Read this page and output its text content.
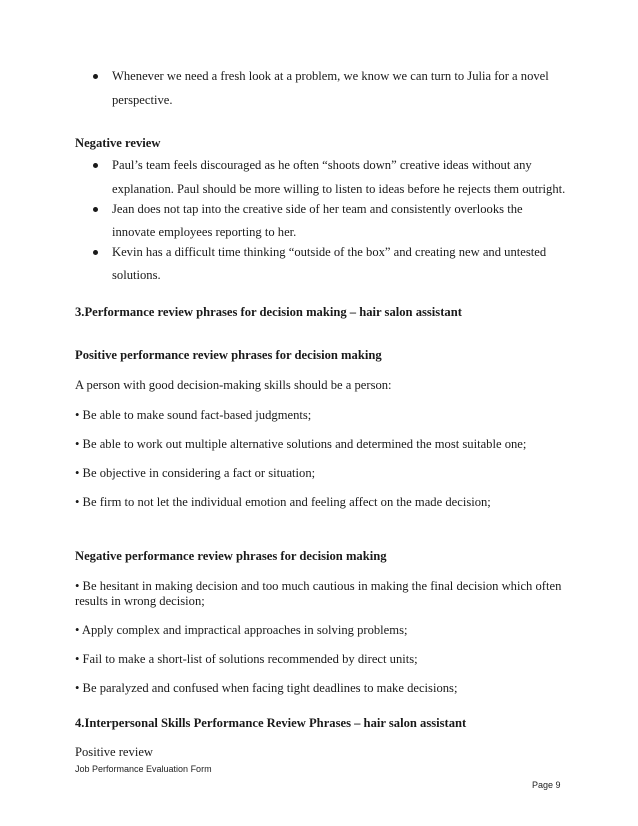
Whenever we need a fresh look at a problem, we know we can turn to Julia for a novel
perspective.
Negative review
Paul’s team feels discouraged as he often “shoots down” creative ideas without any
explanation. Paul should be more willing to listen to ideas before he rejects them outright.
Jean does not tap into the creative side of her team and consistently overlooks the
innovate employees reporting to her.
Kevin has a difficult time thinking “outside of the box” and creating new and untested
solutions.
3.Performance review phrases for decision making – hair salon assistant
Positive performance review phrases for decision making
A person with good decision-making skills should be a person:
• Be able to make sound fact-based judgments;
• Be able to work out multiple alternative solutions and determined the most suitable one;
• Be objective in considering a fact or situation;
• Be firm to not let the individual emotion and feeling affect on the made decision;
Negative performance review phrases for decision making
• Be hesitant in making decision and too much cautious in making the final decision which often
results in wrong decision;
• Apply complex and impractical approaches in solving problems;
• Fail to make a short-list of solutions recommended by direct units;
• Be paralyzed and confused when facing tight deadlines to make decisions;
4.Interpersonal Skills Performance Review Phrases – hair salon assistant
Positive review
Job Performance Evaluation Form
Page 9
